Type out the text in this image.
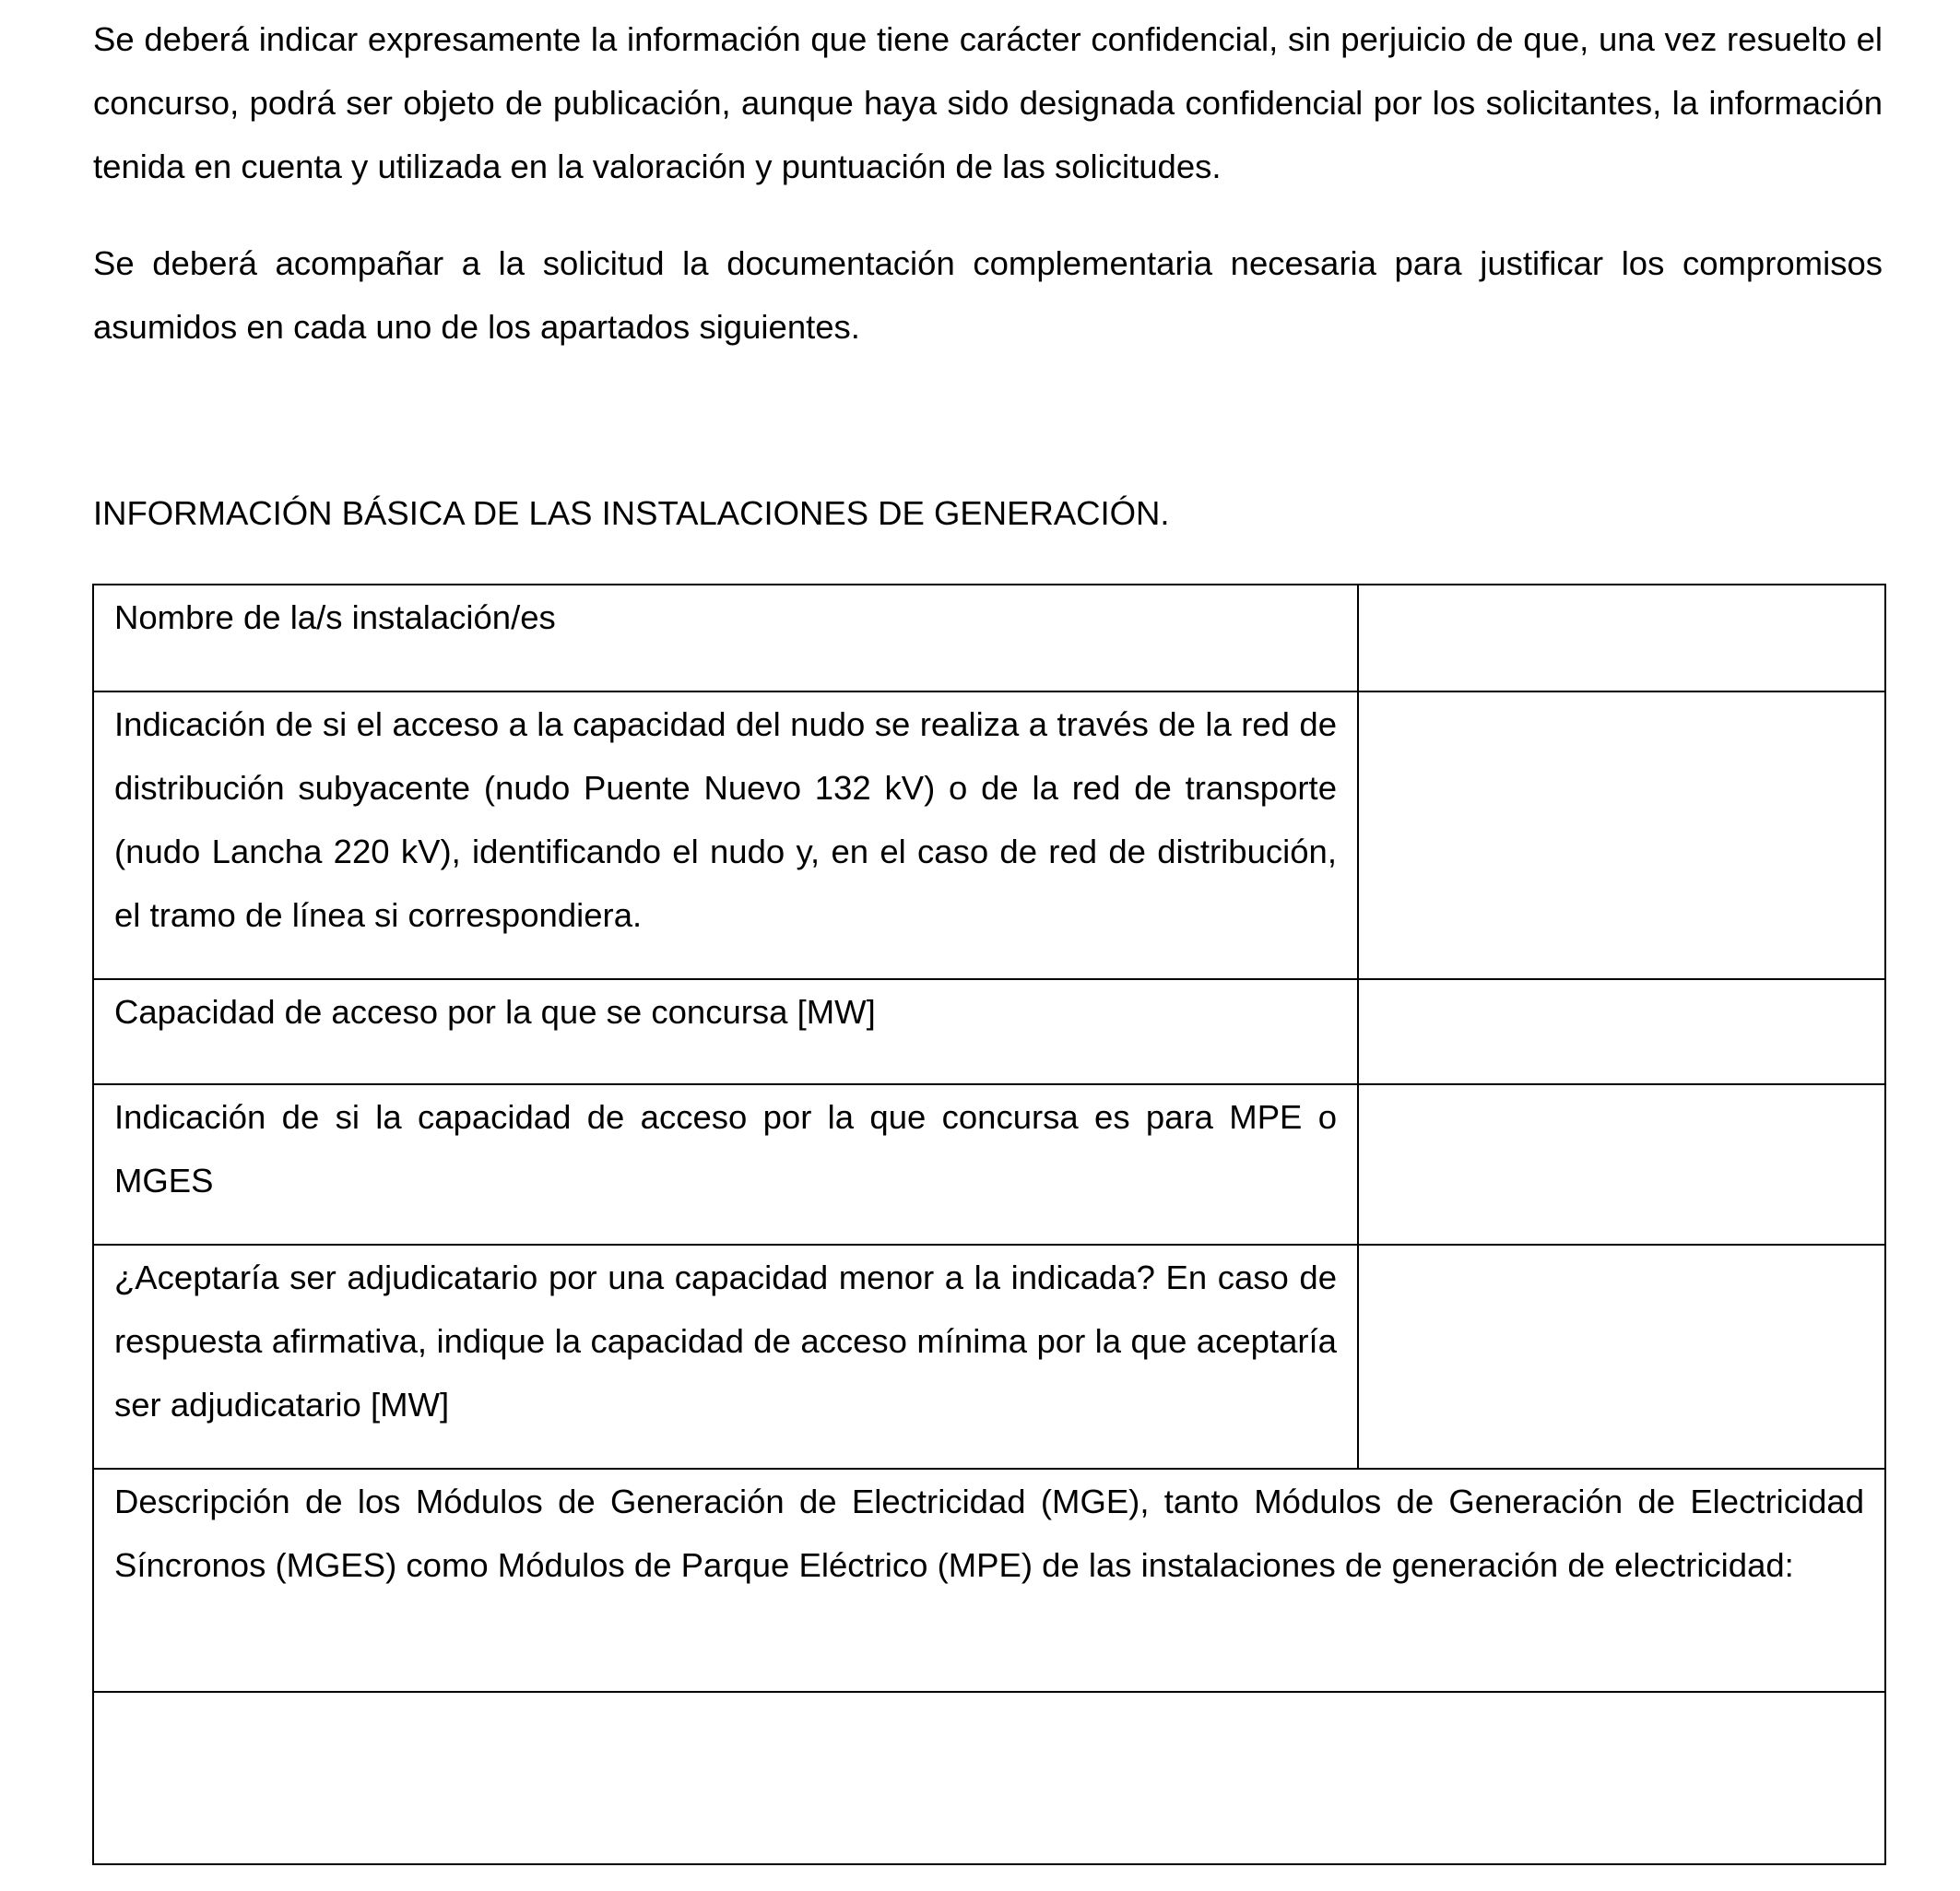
Se deberá indicar expresamente la información que tiene carácter confidencial, sin perjuicio de que, una vez resuelto el concurso, podrá ser objeto de publicación, aunque haya sido designada confidencial por los solicitantes, la información tenida en cuenta y utilizada en la valoración y puntuación de las solicitudes.

Se deberá acompañar a la solicitud la documentación complementaria necesaria para justificar los compromisos asumidos en cada uno de los apartados siguientes.

INFORMACIÓN BÁSICA DE LAS INSTALACIONES DE GENERACIÓN.
Nombre de la/s instalación/es	

Indicación de si el acceso a la capacidad del nudo se realiza a través de la red de distribución subyacente (nudo Puente Nuevo 132 kV) o de la red de transporte (nudo Lancha 220 kV), identificando el nudo y, en el caso de red de distribución, el tramo de línea si correspondiera.	

Capacidad de acceso por la que se concursa [MW]	

Indicación de si la capacidad de acceso por la que concursa es para MPE o MGES	

¿Aceptaría ser adjudicatario por una capacidad menor a la indicada? En caso de respuesta afirmativa, indique la capacidad de acceso mínima por la que aceptaría ser adjudicatario [MW]	

Descripción de los Módulos de Generación de Electricidad (MGE), tanto Módulos de Generación de Electricidad Síncronos (MGES) como Módulos de Parque Eléctrico (MPE) de las instalaciones de generación de electricidad:	
